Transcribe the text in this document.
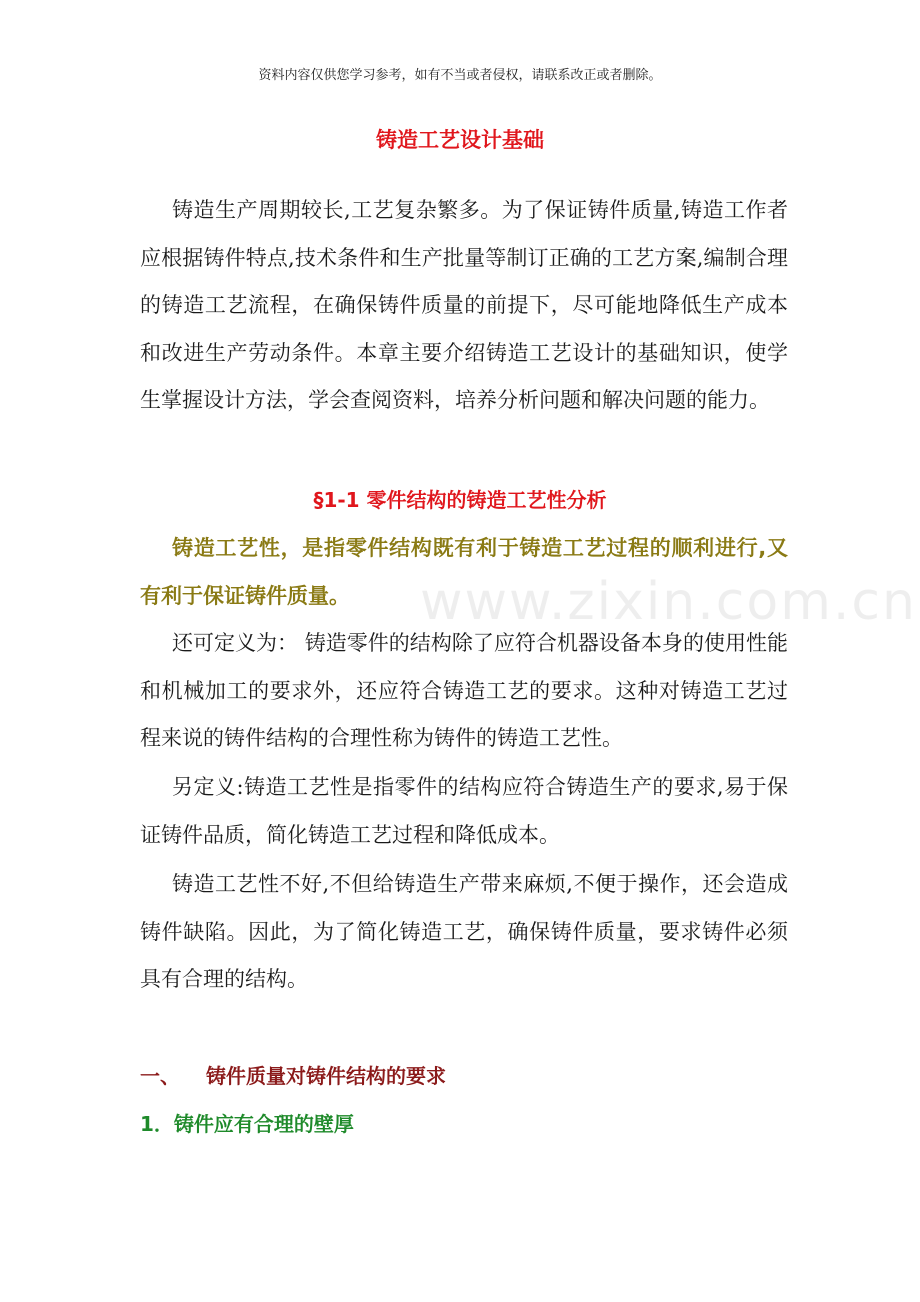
资料内容仅供您学习参考，如有不当或者侵权，请联系改正或者删除。
铸造工艺设计基础
铸造生产周期较长,工艺复杂繁多。为了保证铸件质量,铸造工作者应根据铸件特点,技术条件和生产批量等制订正确的工艺方案,编制合理的铸造工艺流程，在确保铸件质量的前提下，尽可能地降低生产成本和改进生产劳动条件。本章主要介绍铸造工艺设计的基础知识，使学生掌握设计方法，学会查阅资料，培养分析问题和解决问题的能力。
§1-1 零件结构的铸造工艺性分析
铸造工艺性，是指零件结构既有利于铸造工艺过程的顺利进行,又有利于保证铸件质量。	www.zixin.com.cn
还可定义为： 铸造零件的结构除了应符合机器设备本身的使用性能和机械加工的要求外，还应符合铸造工艺的要求。这种对铸造工艺过程来说的铸件结构的合理性称为铸件的铸造工艺性。
另定义:铸造工艺性是指零件的结构应符合铸造生产的要求,易于保证铸件品质，简化铸造工艺过程和降低成本。
铸造工艺性不好,不但给铸造生产带来麻烦,不便于操作，还会造成铸件缺陷。因此，为了简化铸造工艺，确保铸件质量，要求铸件必须具有合理的结构。
一、 铸件质量对铸件结构的要求
1．铸件应有合理的壁厚
